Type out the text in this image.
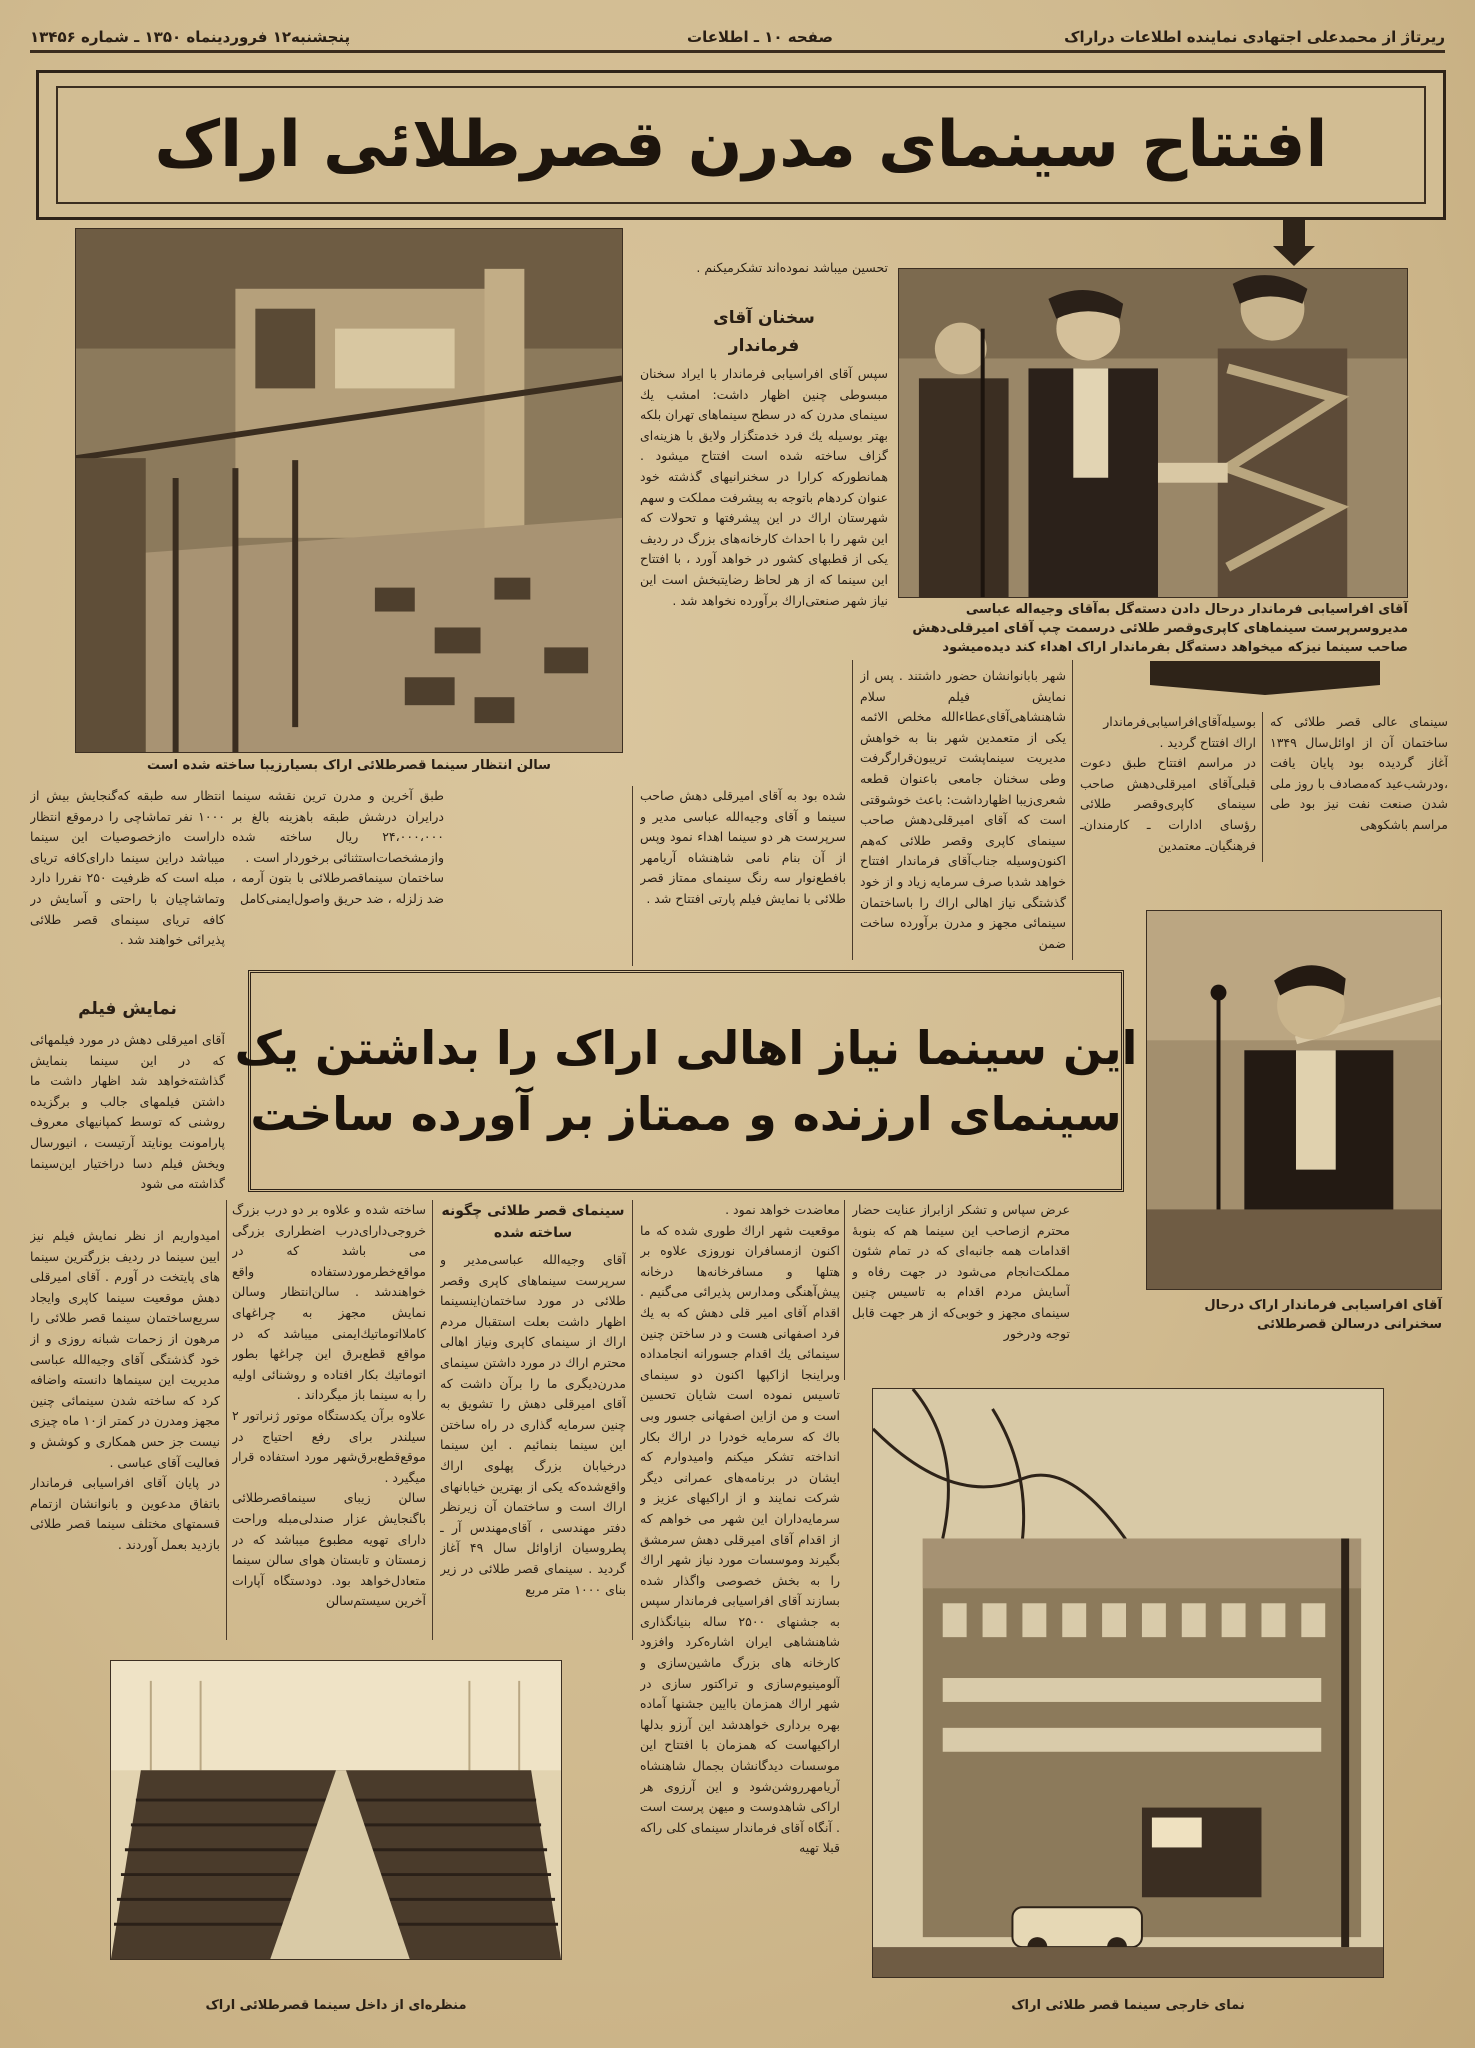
ریرتاژ از محمدعلی اجتهادی نماینده اطلاعات دراراک
صفحه ۱۰ ـ اطلاعات
پنجشنبه۱۲ فروردینماه ۱۳۵۰ ـ شماره ۱۳۴۵۶
افتتاح سینمای مدرن قصرطلائی اراک
سالن انتظار سینما قصرطلائی اراک بسیارزیبا ساخته شده است
آقای افراسیابی فرماندار درحال دادن دسته‌گل به‌آقای وجیه‌اله عباسی مدیروسرپرست سینماهای کاپری‌وقصر طلائی درسمت چپ آقای امیرقلی‌دهش صاحب سینما نیزکه میخواهد دسته‌گل بفرماندار اراک اهداء کند دیده‌میشود
تحسین میباشد نموده‌اند تشکرمیکنم .
سخنان آقای
فرماندار
سپس آقای افراسیابی فرماندار با ایراد سخنان مبسوطی چنین اظهار داشت: امشب یك سینمای مدرن که در سطح سینماهای تهران بلکه بهتر بوسیله یك فرد خدمتگزار ولایق با هزینه‌ای گزاف ساخته شده است افتتاح میشود . همانطورکه کرارا در سخنرانیهای گذشته خود عنوان کردهام باتوجه به پیشرفت مملکت و سهم شهرستان اراك در این پیشرفتها و تحولات که این شهر را با احداث کارخانه‌های بزرگ در ردیف یکی از قطبهای کشور در خواهد آورد ، با افتتاح این سینما که از هر لحاظ رضایتبخش است این نیاز شهر صنعتی‌اراك برآورده نخواهد شد .
سینمای عالی قصر طلائی که ساختمان آن از اوائل‌سال ۱۳۴۹ آغاز گردیده بود پایان یافت ،ودرشب‌عید که‌مصادف با روز ملی شدن صنعت نفت نیز بود طی مراسم باشکوهی
بوسیله‌آقای‌افراسیابی‌فرماندار اراك افتتاح گردید .
در مراسم افتتاح طبق دعوت قبلی‌آقای امیرقلی‌دهش صاحب سینمای کاپری‌وقصر طلائی رؤسای ادارات ـ کارمندان‌ـ فرهنگیان‌ـ معتمدین
شهر بابانوانشان حضور داشتند . پس از نمایش فیلم سلام شاهنشاهی‌آقای‌عطاءالله مخلص الائمه یکی از متعمدین شهر بنا به خواهش مدیریت سینماپشت تریبون‌قرارگرفت وطی سخنان جامعی باعنوان قطعه شعری‌زیبا اظهارداشت: باعث خوشوقتی است که آقای امیرقلی‌دهش صاحب سینمای کاپری وقصر طلائی که‌هم اکنون‌وسیله جناب‌آقای فرماندار افتتاح خواهد شدبا صرف سرمایه زیاد و از خود گذشتگی نیاز اهالی اراك را باساختمان سینمائی مجهز و مدرن برآورده ساخت ضمن
شده بود به آقای امیرقلی دهش صاحب سینما و آقای وجیه‌الله عباسی مدیر و سرپرست هر دو سینما اهداء نمود وپس از آن بنام نامی شاهنشاه آریامهر بافطع‌نوار سه رنگ سینمای ممتاز قصر طلائی با نمایش فیلم پارتی افتتاح شد .
طبق آخرین و مدرن ترین نقشه سینما درایران درشش طبقه باهزینه بالغ بر ۲۴،۰۰۰،۰۰۰ ریال ساخته شده وازمشخصات‌استثنائی برخوردار است .
ساختمان سینماقصرطلائی با بتون آرمه ، ضد زلزله ، ضد حریق واصول‌ایمنی‌کامل
انتظار سه طبقه که‌گنجایش بیش از ۱۰۰۰ نفر تماشاچی را درموقع انتظار داراست ه‌ازخصوصیات این سینما میباشد دراین سینما دارای‌کافه تریای مبله است که ظرفیت ۲۵۰ نفررا دارد وتماشاچیان با راحتی و آسایش در کافه تریای سینمای قصر طلائی پذیرائی خواهند شد .
نمایش فیلم
آقای امیرقلی دهش در مورد فیلمهائی که در این سینما بنمایش گذاشته‌خواهد شد اظهار داشت ما داشتن فیلمهای جالب و برگزیده روشنی که توسط کمپانیهای معروف پارامونت یونایتد آرتیست ، انیورسال ویخش فیلم دسا دراختیار این‌سینما گذاشته می شود
آقای افراسیابی فرماندار اراک درحال سخنرانی درسالن قصرطلائی
این سینما نیاز اهالی اراک را بداشتن یک
سینمای ارزنده و ممتاز بر آورده ساخت
عرض سپاس و تشکر ازابراز عنایت حضار محترم ازصاحب این سینما هم که بنوبۀ اقدامات همه جانبه‌ای که در تمام شئون مملکت‌انجام می‌شود در جهت رفاه و آسایش مردم اقدام به تاسیس چنین سینمای مجهز و خوبی‌که از هر جهت قابل توجه ودرخور
معاضدت خواهد نمود .
موقعیت شهر اراك طوری شده که ما اکنون ازمسافران نوروزی علاوه بر هتلها و مسافرخانه‌ها درخانه پیش‌آهنگی ومدارس پذیرائی می‌گنیم . اقدام آقای امیر قلی دهش که به یك فرد اصفهانی هست و در ساختن چنین سینمائی یك اقدام جسورانه انجامداده وبراینجا ازاکپها اکنون دو سینمای تاسیس نموده است شایان تحسین است و من ازاین اصفهانی جسور وبی باك که سرمایه خودرا در اراك بکار انداخته تشکر میکنم وامیدوارم که ایشان در برنامه‌های عمرانی دیگر شرکت نمایند و از اراکیهای عزیز و سرمایه‌داران این شهر می خواهم که از اقدام آقای امیرقلی دهش سرمشق بگیرند وموسسات مورد نیاز شهر اراك را به بخش خصوصی واگذار شده بسازند آقای افراسیابی فرماندار سپس به جشنهای ۲۵۰۰ ساله بنیانگذاری شاهنشاهی ایران اشاره‌کرد وافزود کارخانه های بزرگ ماشین‌سازی و آلومینیوم‌سازی و تراکتور سازی در شهر اراك همزمان باایین جشنها آماده بهره برداری خواهدشد این آرزو بدلها اراکیهاست که همزمان با افتتاح این موسسات دیدگانشان بجمال شاهنشاه آریامهرروشن‌شود و این آرزوی هر اراکی شاهدوست و میهن پرست است . آنگاه آقای فرماندار سینمای کلی راکه قبلا تهیه
سینمای قصر طلائی چگونه ساخته شده
آقای وجیه‌الله عباسی‌مدیر و سرپرست سینماهای کاپری وقصر طلائی در مورد ساختمان‌اینسینما اظهار داشت بعلت استقبال مردم اراك از سینمای کاپری ونیاز اهالی محترم اراك در مورد داشتن سینمای مدرن‌دیگری ما را برآن داشت که آقای امیرقلی دهش را تشویق به چنین سرمایه گذاری در راه ساختن این سینما بنمائیم . این سینما درخیابان بزرگ پهلوی اراك واقع‌شده‌که یکی از بهترین خیابانهای اراك است و ساختمان آن زیرنظر دفتر مهندسی ، آقای‌مهندس آر ـ پطروسیان ازاوائل سال ۴۹ آغاز گردید . سینمای قصر طلائی در زیر بنای ۱۰۰۰ متر مربع
ساخته شده و علاوه بر دو درب بزرگ خروجی‌دارای‌درب اضطراری بزرگی می باشد که در مواقع‌خطرموردستفاده واقع خواهندشد . سالن‌انتظار وسالن نمایش مجهز به چراغهای کاملااتوماتیك‌ایمنی میباشد که در مواقع قطع‌برق این چراغها بطور اتوماتیك بکار افتاده و روشنائی اولیه را به سینما باز میگرداند .
علاوه برآن یکدستگاه موتور ژنراتور ۲ سیلندر برای رفع احتیاج در موقع‌قطع‌برق‌شهر مورد استفاده قرار میگیرد .
سالن زیبای سینماقصرطلائی باگنجایش عزار صندلی‌مبله وراحت دارای تهویه مطبوع میباشد که در زمستان و تابستان هوای سالن سینما متعادل‌خواهد بود. دودستگاه آپارات آخرین سیستم‌سالن
امیدواریم از نظر نمایش فیلم نیز ایین سینما در ردیف بزرگترین سینما های پایتخت در آورم . آقای امیرقلی دهش موقعیت سینما کاپری وایجاد سریع‌ساختمان سینما قصر طلائی را مرهون از زحمات شبانه روزی و از خود گذشتگی آقای وجیه‌الله عباسی مدیریت این سینماها دانسته واضافه کرد که ساخته شدن سینمائی چنین مجهز ومدرن در کمتر از۱۰ ماه چیزی نیست جز حس همکاری و کوشش و فعالیت آقای عباسی .
در پایان آقای افراسیابی فرماندار باتفاق مدعوین و بانوانشان ازتمام قسمتهای مختلف سینما قصر طلائی بازدید بعمل آوردند .
منظره‌ای از داخل سینما قصرطلائی اراک	نمای خارجی سینما قصر طلائی اراک
